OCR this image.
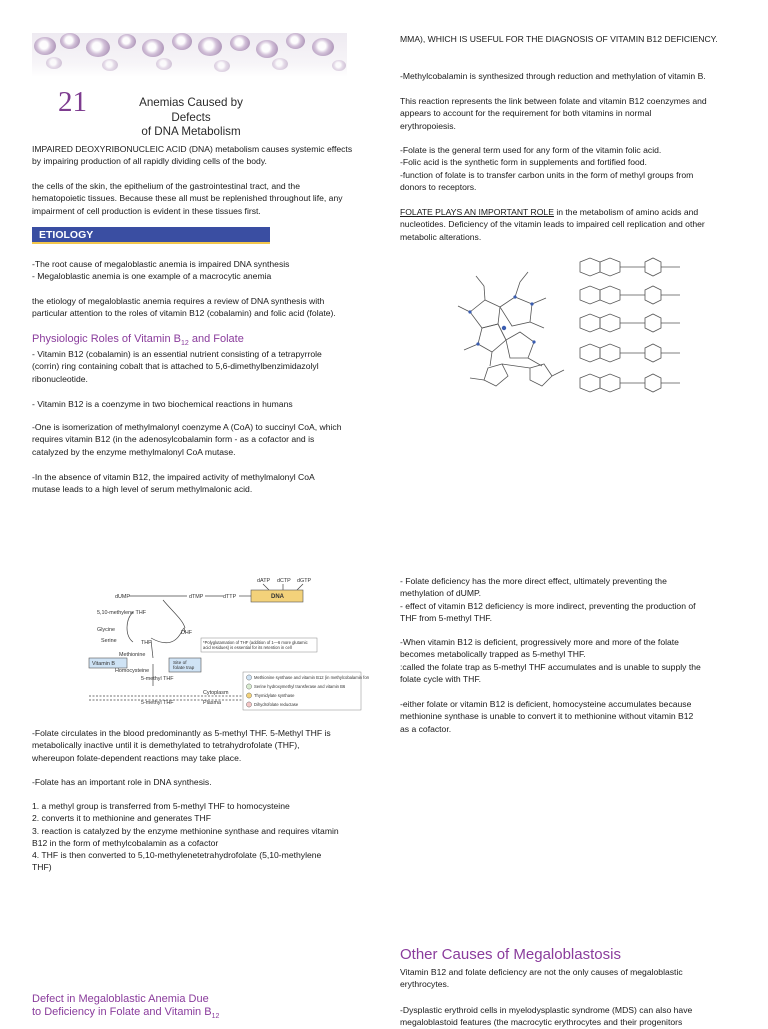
21	Anemias Caused by Defects
of DNA Metabolism

IMPAIRED DEOXYRIBONUCLEIC ACID (DNA) metabolism causes systemic effects
by impairing production of all rapidly dividing cells of the body.

the cells of the skin, the epithelium of the gastrointestinal tract, and the
hematopoietic tissues. Because these all must be replenished throughout life, any
impairment of cell production is evident in these tissues first.

ETIOLOGY

-The root cause of megaloblastic anemia is impaired DNA synthesis
- Megaloblastic anemia is one example of a macrocytic anemia

the etiology of megaloblastic anemia requires a review of DNA synthesis with
particular attention to the roles of vitamin B12 (cobalamin) and folic acid (folate).

Physiologic Roles of Vitamin $B_{12}$ and Folate

- Vitamin B12 (cobalamin) is an essential nutrient consisting of a tetrapyrrole
(corrin) ring containing cobalt that is attached to 5,6-dimethylbenzimidazolyl
ribonucleotide.

- Vitamin B12 is a coenzyme in two biochemical reactions in humans

-One is isomerization of methylmalonyl coenzyme A (CoA) to succinyl CoA, which
requires vitamin B12 (in the adenosylcobalamin form - as a cofactor and is
catalyzed by the enzyme methylmalonyl CoA mutase.

-In the absence of vitamin B12, the impaired activity of methylmalonyl CoA
mutase leads to a high level of serum methylmalonic acid.

MMA), WHICH IS USEFUL FOR THE DIAGNOSIS OF VITAMIN B12 DEFICIENCY.

-Methylcobalamin is synthesized through reduction and methylation of vitamin B.

This reaction represents the link between folate and vitamin B12 coenzymes and
appears to account for the requirement for both vitamins in normal
erythropoiesis.

-Folate is the general term used for any form of the vitamin folic acid.
-Folic acid is the synthetic form in supplements and fortified food.
-function of folate is to transfer carbon units in the form of methyl groups from
donors to receptors.

FOLATE PLAYS AN IMPORTANT ROLE in the metabolism of amino acids and
nucleotides. Deficiency of the vitamin leads to impaired cell replication and other
metabolic alterations.

dATP dCTP dGTP
DNA
dUMP	dTMP	dTTP
5,10-methylene THF
DHF
Glycine
Serine	THF
Methionine
Vitamin B
Homocysteine
Site of folate trap
5-methyl THF
5-methyl THF
Cytoplasm
Plasma
*Polyglutamation of THF (addition of 1—6 more glutamic acid residues) is essential for its retention in cell
Methionine synthase and vitamin B12 (in methylcobalamin form)
Serine hydroxymethyl transferase and vitamin B6
Thymidylate synthase
Dihydrofolate reductase

-Folate circulates in the blood predominantly as 5-methyl THF. 5-Methyl THF is
metabolically inactive until it is demethylated to tetrahydrofolate (THF),
whereupon folate-dependent reactions may take place.

-Folate has an important role in DNA synthesis.

1. a methyl group is transferred from 5-methyl THF to homocysteine
2. converts it to methionine and generates THF
3. reaction is catalyzed by the enzyme methionine synthase and requires vitamin
B12 in the form of methylcobalamin as a cofactor
4. THF is then converted to 5,10-methylenetetrahydrofolate (5,10-methylene
THF)

Defect in Megaloblastic Anemia Due
to Deficiency in Folate and Vitamin $B_{12}$

- Folate deficiency has the more direct effect, ultimately preventing the
methylation of dUMP.
- effect of vitamin B12 deficiency is more indirect, preventing the production of
THF from 5-methyl THF.

-When vitamin B12 is deficient, progressively more and more of the folate
becomes metabolically trapped as 5-methyl THF.
:called the folate trap as 5-methyl THF accumulates and is unable to supply the
folate cycle with THF.

-either folate or vitamin B12 is deficient, homocysteine accumulates because
methionine synthase is unable to convert it to methionine without vitamin B12
as a cofactor.

Other Causes of Megaloblastosis

Vitamin B12 and folate deficiency are not the only causes of megaloblastic
erythrocytes.

-Dysplastic erythroid cells in myelodysplastic syndrome (MDS) can also have
megaloblastoid features (the macrocytic erythrocytes and their progenitors
